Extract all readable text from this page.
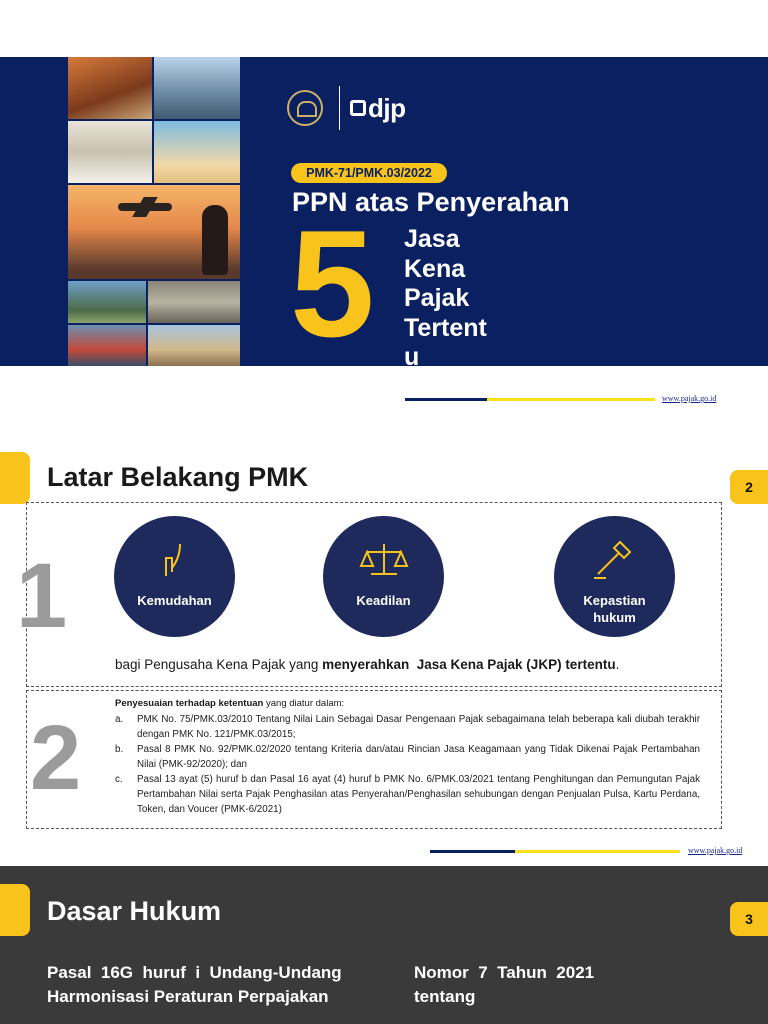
djp
PMK-71/PMK.03/2022
PPN atas Penyerahan
5 Jasa
Kena
Pajak
Tertent
u
www.pajak.go.id
2
Latar Belakang PMK
1	Kemudahan	Keadilan	Kepastian hukum

bagi Pengusaha Kena Pajak yang menyerahkan Jasa Kena Pajak (JKP) tertentu.

2

Penyesuaian terhadap ketentuan yang diatur dalam:

a.	PMK No. 75/PMK.03/2010 Tentang Nilai Lain Sebagai Dasar Pengenaan Pajak sebagaimana telah beberapa kali diubah terakhir dengan PMK No. 121/PMK.03/2015;
b.	Pasal 8 PMK No. 92/PMK.02/2020 tentang Kriteria dan/atau Rincian Jasa Keagamaan yang Tidak Dikenai Pajak Pertambahan Nilai (PMK-92/2020); dan
c.	Pasal 13 ayat (5) huruf b dan Pasal 16 ayat (4) huruf b PMK No. 6/PMK.03/2021 tentang Penghitungan dan Pemungutan Pajak Pertambahan Nilai serta Pajak Penghasilan atas Penyerahan/Penghasilan sehubungan dengan Penjualan Pulsa, Kartu Perdana, Token, dan Voucer (PMK-6/2021)
www.pajak.go.id
3
Dasar Hukum
Pasal  16G  huruf  i  Undang-Undang	Nomor  7  Tahun  2021
Harmonisasi Peraturan Perpajakan	tentang
